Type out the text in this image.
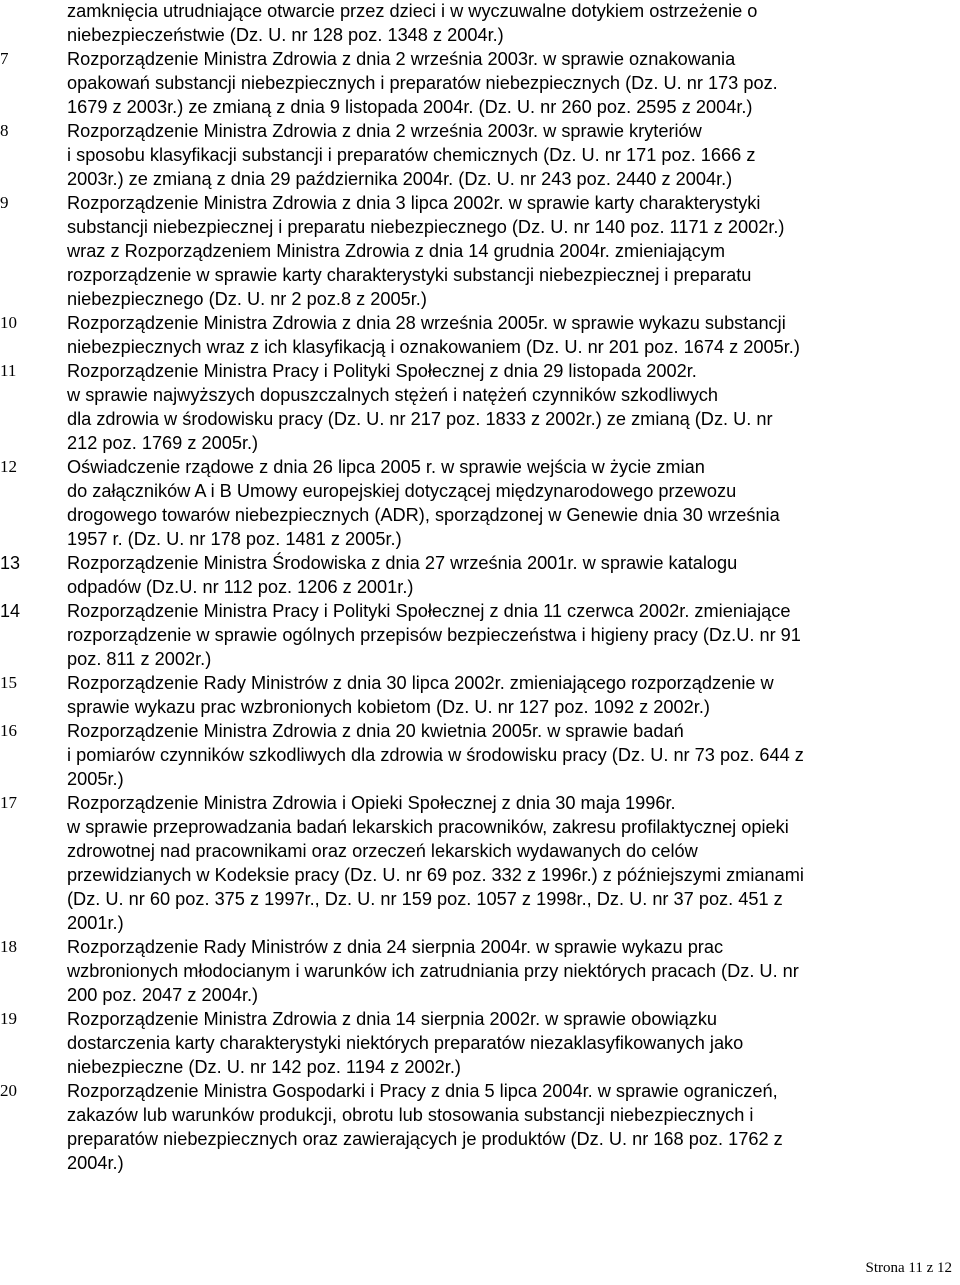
zamknięcia utrudniające otwarcie przez dzieci i w wyczuwalne dotykiem ostrzeżenie o
niebezpieczeństwie (Dz. U. nr 128 poz. 1348 z 2004r.)
7	Rozporządzenie Ministra Zdrowia z dnia 2 września 2003r. w sprawie oznakowania
opakowań substancji niebezpiecznych i preparatów niebezpiecznych (Dz. U. nr 173 poz.
1679 z 2003r.) ze zmianą z dnia 9 listopada 2004r. (Dz. U. nr 260 poz. 2595 z 2004r.)
8	Rozporządzenie Ministra Zdrowia z dnia 2 września 2003r. w sprawie kryteriów
i sposobu klasyfikacji substancji i preparatów chemicznych (Dz. U. nr 171 poz. 1666 z
2003r.) ze zmianą z dnia 29 października 2004r. (Dz. U. nr 243 poz. 2440 z 2004r.)
9	Rozporządzenie Ministra Zdrowia z dnia 3 lipca 2002r. w sprawie karty charakterystyki
substancji niebezpiecznej i preparatu niebezpiecznego (Dz. U. nr 140 poz. 1171 z 2002r.)
wraz z Rozporządzeniem Ministra Zdrowia z dnia 14 grudnia 2004r. zmieniającym
rozporządzenie w sprawie karty charakterystyki substancji niebezpiecznej i preparatu
niebezpiecznego (Dz. U. nr 2 poz.8 z 2005r.)
10	Rozporządzenie Ministra Zdrowia z dnia 28 września 2005r. w sprawie wykazu substancji
niebezpiecznych wraz z ich klasyfikacją i oznakowaniem (Dz. U. nr 201 poz. 1674 z 2005r.)
11	Rozporządzenie Ministra Pracy i Polityki Społecznej z dnia 29 listopada 2002r.
w sprawie najwyższych dopuszczalnych stężeń i natężeń czynników szkodliwych
dla zdrowia w środowisku pracy (Dz. U. nr 217 poz. 1833 z 2002r.) ze zmianą (Dz. U. nr
212 poz. 1769 z 2005r.)
12	Oświadczenie rządowe z dnia 26 lipca 2005 r. w sprawie wejścia w życie zmian
do załączników A i B Umowy europejskiej dotyczącej międzynarodowego przewozu
drogowego towarów niebezpiecznych (ADR), sporządzonej w Genewie dnia 30 września
1957 r. (Dz. U. nr 178 poz. 1481 z 2005r.)
13	Rozporządzenie Ministra Środowiska z dnia 27 września 2001r. w sprawie katalogu
odpadów (Dz.U. nr 112 poz. 1206 z 2001r.)
14	Rozporządzenie Ministra Pracy i Polityki Społecznej z dnia 11 czerwca 2002r. zmieniające
rozporządzenie w sprawie ogólnych przepisów bezpieczeństwa i higieny pracy (Dz.U. nr 91
poz. 811 z 2002r.)
15	Rozporządzenie Rady Ministrów z dnia 30 lipca 2002r. zmieniającego rozporządzenie w
sprawie wykazu prac wzbronionych kobietom (Dz. U. nr 127 poz. 1092 z 2002r.)
16	Rozporządzenie Ministra Zdrowia z dnia 20 kwietnia 2005r. w sprawie badań
i pomiarów czynników szkodliwych dla zdrowia w środowisku pracy (Dz. U. nr 73 poz. 644 z
2005r.)
17	Rozporządzenie Ministra Zdrowia i Opieki Społecznej z dnia 30 maja 1996r.
w sprawie przeprowadzania badań lekarskich pracowników, zakresu profilaktycznej opieki
zdrowotnej nad pracownikami oraz orzeczeń lekarskich wydawanych do celów
przewidzianych w Kodeksie pracy (Dz. U. nr 69 poz. 332 z 1996r.) z późniejszymi zmianami
(Dz. U. nr 60 poz. 375 z 1997r., Dz. U. nr 159 poz. 1057 z 1998r., Dz. U. nr 37 poz. 451 z
2001r.)
18	Rozporządzenie Rady Ministrów z dnia 24 sierpnia 2004r. w sprawie wykazu prac
wzbronionych młodocianym i warunków ich zatrudniania przy niektórych pracach (Dz. U. nr
200 poz. 2047 z 2004r.)
19	Rozporządzenie Ministra Zdrowia z dnia 14 sierpnia 2002r. w sprawie obowiązku
dostarczenia karty charakterystyki niektórych preparatów niezaklasyfikowanych jako
niebezpieczne (Dz. U. nr 142 poz. 1194 z 2002r.)
20	Rozporządzenie Ministra Gospodarki i Pracy z dnia 5 lipca 2004r. w sprawie ograniczeń,
zakazów lub warunków produkcji, obrotu lub stosowania substancji niebezpiecznych i
preparatów niebezpiecznych oraz zawierających je produktów (Dz. U. nr 168 poz. 1762 z
2004r.)
Strona 11 z 12
